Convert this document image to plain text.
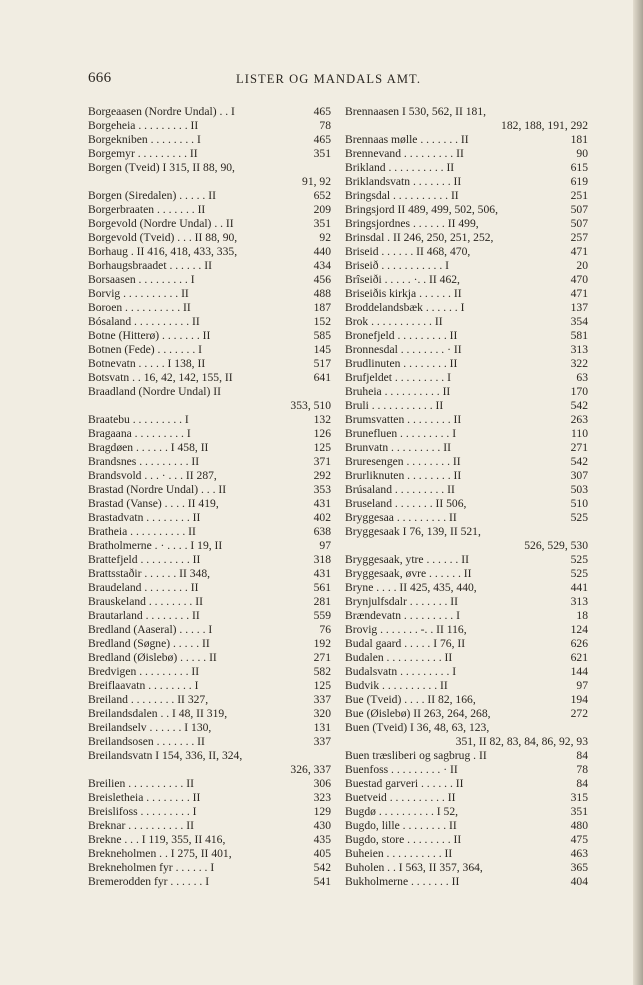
666	LISTER OG MANDALS AMT.
Borgeaasen (Nordre Undal) . . I	465
Borgeheia . . . . . . . . . II	78
Borgekniben . . . . . . . . I	465
Borgemyr . . . . . . . . . II	351
Borgen (Tveid) I 315, II 88, 90,
91, 92
Borgen (Siredalen) . . . . . II	652
Borgerbraaten . . . . . . . II	209
Borgevold (Nordre Undal) . . II	351
Borgevold (Tveid) . . . II 88, 90,	92
Borhaug . II 416, 418, 433, 335,	440
Borhaugsbraadet . . . . . . II	434
Borsaasen . . . . . . . . . I	456
Borvig . . . . . . . . . . II	488
Boroen . . . . . . . . . . II	187
Bósaland . . . . . . . . . . II	152
Botne (Hitterø) . . . . . . . II	585
Botnen (Fede) . . . . . . . I	145
Botnevatn . . . . . I 138, II	517
Botsvatn . . 16, 42, 142, 155, II	641
Braadland (Nordre Undal) II
353, 510
Braatebu . . . . . . . . . I	132
Bragaana . . . . . . . . . I	126
Bragdøen . . . . . . I 458, II	125
Brandsnes . . . . . . . . . II	371
Brandsvold . . . · . . . II 287,	292
Brastad (Nordre Undal) . . . II	353
Brastad (Vanse) . . . . II 419,	431
Brastadvatn . . . . . . . . II	402
Bratheia . . . . . . . . . . II	638
Bratholmerne . · . . . . I 19, II	97
Brattefjeld . . . . . . . . . II	318
Brattsstaðir . . . . . . II 348,	431
Braudeland . . . . . . . . II	561
Brauskeland . . . . . . . . II	281
Brautarland . . . . . . . . II	559
Bredland (Aaseral) . . . . . I	76
Bredland (Søgne) . . . . . II	192
Bredland (Øislebø) . . . . . II	271
Bredvigen . . . . . . . . . II	582
Breiflaavatn . . . . . . . . I	125
Breiland . . . . . . . . II 327,	337
Breilandsdalen . . I 48, II 319,	320
Breilandselv . . . . . . I 130,	131
Breilandsosen . . . . . . . II	337
Breilandsvatn I 154, 336, II, 324,
326, 337
Breilien . . . . . . . . . . II	306
Breisletheia . . . . . . . . II	323
Breislifoss . . . . . . . . . I	129
Breknar . . . . . . . . . . II	430
Brekne . . . I 119, 355, II 416,	435
Brekneholmen . . I 275, II 401,	405
Brekneholmen fyr . . . . . . I	542
Bremerodden fyr . . . . . . I	541
Brennaasen I 530, 562, II 181,
182, 188, 191, 292
Brennaas mølle . . . . . . . II	181
Brennevand . . . . . . . . . II	90
Brikland . . . . . . . . . . II	615
Briklandsvatn . . . . . . . II	619
Bringsdal . . . . . . . . . . II	251
Bringsjord II 489, 499, 502, 506,	507
Bringsjordnes . . . . . . II 499,	507
Brinsdal . II 246, 250, 251, 252,	257
Briseid . . . . . . II 468, 470,	471
Briseið . . . . . . . . . . . I	20
Brîseiði . . . . . ·. . II 462,	470
Briseiðis kirkja . . . . . . II	471
Broddelandsbæk . . . . . . I	137
Brok . . . . . . . . . . . II	354
Bronefjeld . . . . . . . . . II	581
Bronnesdal . . . . . . . . · II	313
Brudlinuten . . . . . . . . II	322
Brufjeldet . . . . . . . . . I	63
Bruheia . . . . . . . . . . II	170
Bruli . . . . . . . . . . . II	542
Brumsvatten . . . . . . . . II	263
Brunefluen . . . . . . . . . I	110
Brunvatn . . . . . . . . . II	271
Bruresengen . . . . . . . . II	542
Brurliknuten . . . . . . . . II	307
Brúsaland . . . . . . . . . II	503
Bruseland . . . . . . . II 506,	510
Bryggesaa . . . . . . . . . II	525
Bryggesaak I 76, 139, II 521,
526, 529, 530
Bryggesaak, ytre . . . . . . II	525
Bryggesaak, øvre . . . . . . II	525
Bryne . . . . II 425, 435, 440,	441
Brynjulfsdalr . . . . . . . II	313
Brændevatn . . . . . . . . . I	18
Brovig . . . . . . . -. . II 116,	124
Budal gaard . . . . . I 76, II	626
Budalen . . . . . . . . . . II	621
Budalsvatn . . . . . . . . . I	144
Budvik . . . . . . . . . . II	97
Bue (Tveid) . . . . II 82, 166,	194
Bue (Øislebø) II 263, 264, 268,	272
Buen (Tveid) I 36, 48, 63, 123,
351, II 82, 83, 84, 86, 92, 93
Buen træsliberi og sagbrug . II	84
Buenfoss . . . . . . . . . · II	78
Buestad garveri . . . . . . II	84
Buetveid . . . . . . . . . . II	315
Bugdø . . . . . . . . . . I 52,	351
Bugdo, lille . . . . . . . . II	480
Bugdo, store . . . . . . . . II	475
Buheien . . . . . . . . . . II	463
Buholen . . I 563, II 357, 364,	365
Bukholmerne . . . . . . . II	404
